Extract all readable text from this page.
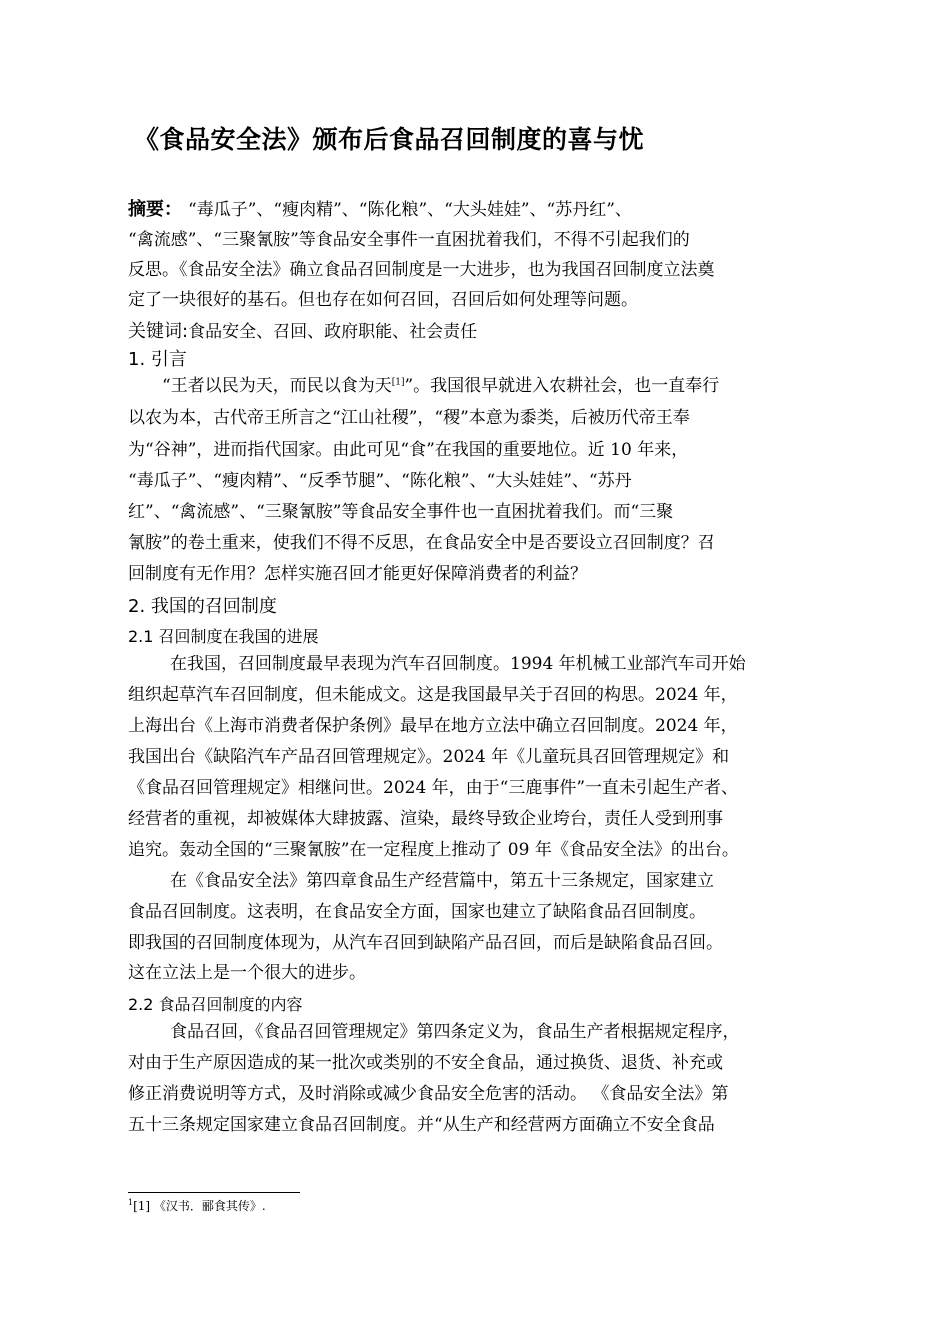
《食品安全法》颁布后食品召回制度的喜与忧
摘要： “毒瓜子”、“瘦肉精”、“陈化粮”、“大头娃娃”、“苏丹红”、
“禽流感”、“三聚氰胺”等食品安全事件一直困扰着我们，不得不引起我们的
反思。《食品安全法》确立食品召回制度是一大进步，也为我国召回制度立法奠
定了一块很好的基石。但也存在如何召回，召回后如何处理等问题。
关键词:食品安全、召回、政府职能、社会责任
1. 引言
“王者以民为天，而民以食为天[1]”。我国很早就进入农耕社会，也一直奉行
以农为本，古代帝王所言之“江山社稷”，“稷”本意为黍类，后被历代帝王奉
为“谷神”，进而指代国家。由此可见“食”在我国的重要地位。近 10 年来，
“毒瓜子”、“瘦肉精”、“反季节腿”、“陈化粮”、“大头娃娃”、“苏丹
红”、“禽流感”、“三聚氰胺”等食品安全事件也一直困扰着我们。而“三聚
氰胺”的卷土重来，使我们不得不反思，在食品安全中是否要设立召回制度？召
回制度有无作用？怎样实施召回才能更好保障消费者的利益？
2. 我国的召回制度
2.1 召回制度在我国的进展
在我国，召回制度最早表现为汽车召回制度。1994 年机械工业部汽车司开始
组织起草汽车召回制度，但未能成文。这是我国最早关于召回的构思。2024 年，
上海出台《上海市消费者保护条例》最早在地方立法中确立召回制度。2024 年，
我国出台《缺陷汽车产品召回管理规定》。2024 年《儿童玩具召回管理规定》和
《食品召回管理规定》相继问世。2024 年，由于“三鹿事件”一直未引起生产者、
经营者的重视，却被媒体大肆披露、渲染，最终导致企业垮台，责任人受到刑事
追究。轰动全国的“三聚氰胺”在一定程度上推动了 09 年《食品安全法》的出台。
在《食品安全法》第四章食品生产经营篇中，第五十三条规定，国家建立
食品召回制度。这表明，在食品安全方面，国家也建立了缺陷食品召回制度。
即我国的召回制度体现为，从汽车召回到缺陷产品召回，而后是缺陷食品召回。
这在立法上是一个很大的进步。
2.2 食品召回制度的内容
食品召回，《食品召回管理规定》第四条定义为，食品生产者根据规定程序，
对由于生产原因造成的某一批次或类别的不安全食品，通过换货、退货、补充或
修正消费说明等方式，及时消除或减少食品安全危害的活动。 《食品安全法》第
五十三条规定国家建立食品召回制度。并“从生产和经营两方面确立不安全食品
$^1$[1] 《汉书．郦食其传》.
